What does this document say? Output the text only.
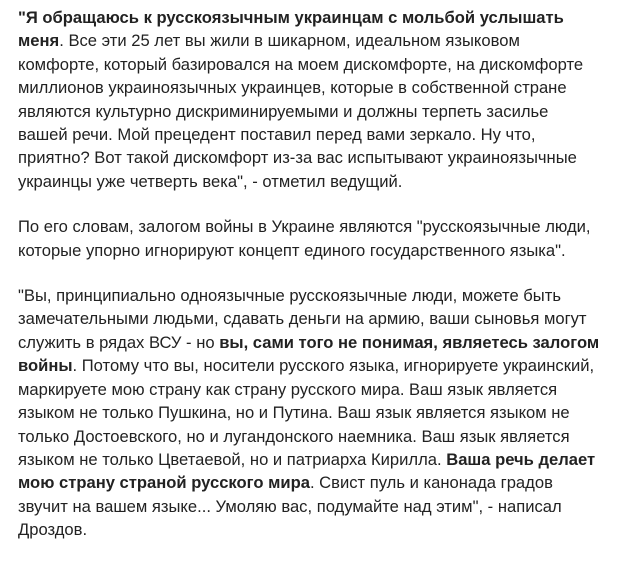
"Я обращаюсь к русскоязычным украинцам с мольбой услышать меня. Все эти 25 лет вы жили в шикарном, идеальном языковом комфорте, который базировался на моем дискомфорте, на дискомфорте миллионов украиноязычных украинцев, которые в собственной стране являются культурно дискриминируемыми и должны терпеть засилье вашей речи. Мой прецедент поставил перед вами зеркало. Ну что, приятно? Вот такой дискомфорт из-за вас испытывают украиноязычные украинцы уже четверть века", - отметил ведущий.

По его словам, залогом войны в Украине являются "русскоязычные люди, которые упорно игнорируют концепт единого государственного языка".

"Вы, принципиально одноязычные русскоязычные люди, можете быть замечательными людьми, сдавать деньги на армию, ваши сыновья могут служить в рядах ВСУ - но вы, сами того не понимая, являетесь залогом войны. Потому что вы, носители русского языка, игнорируете украинский, маркируете мою страну как страну русского мира. Ваш язык является языком не только Пушкина, но и Путина. Ваш язык является языком не только Достоевского, но и лугандонского наемника. Ваш язык является языком не только Цветаевой, но и патриарха Кирилла. Ваша речь делает мою страну страной русского мира. Свист пуль и канонада градов звучит на вашем языке... Умоляю вас, подумайте над этим", - написал Дроздов.
